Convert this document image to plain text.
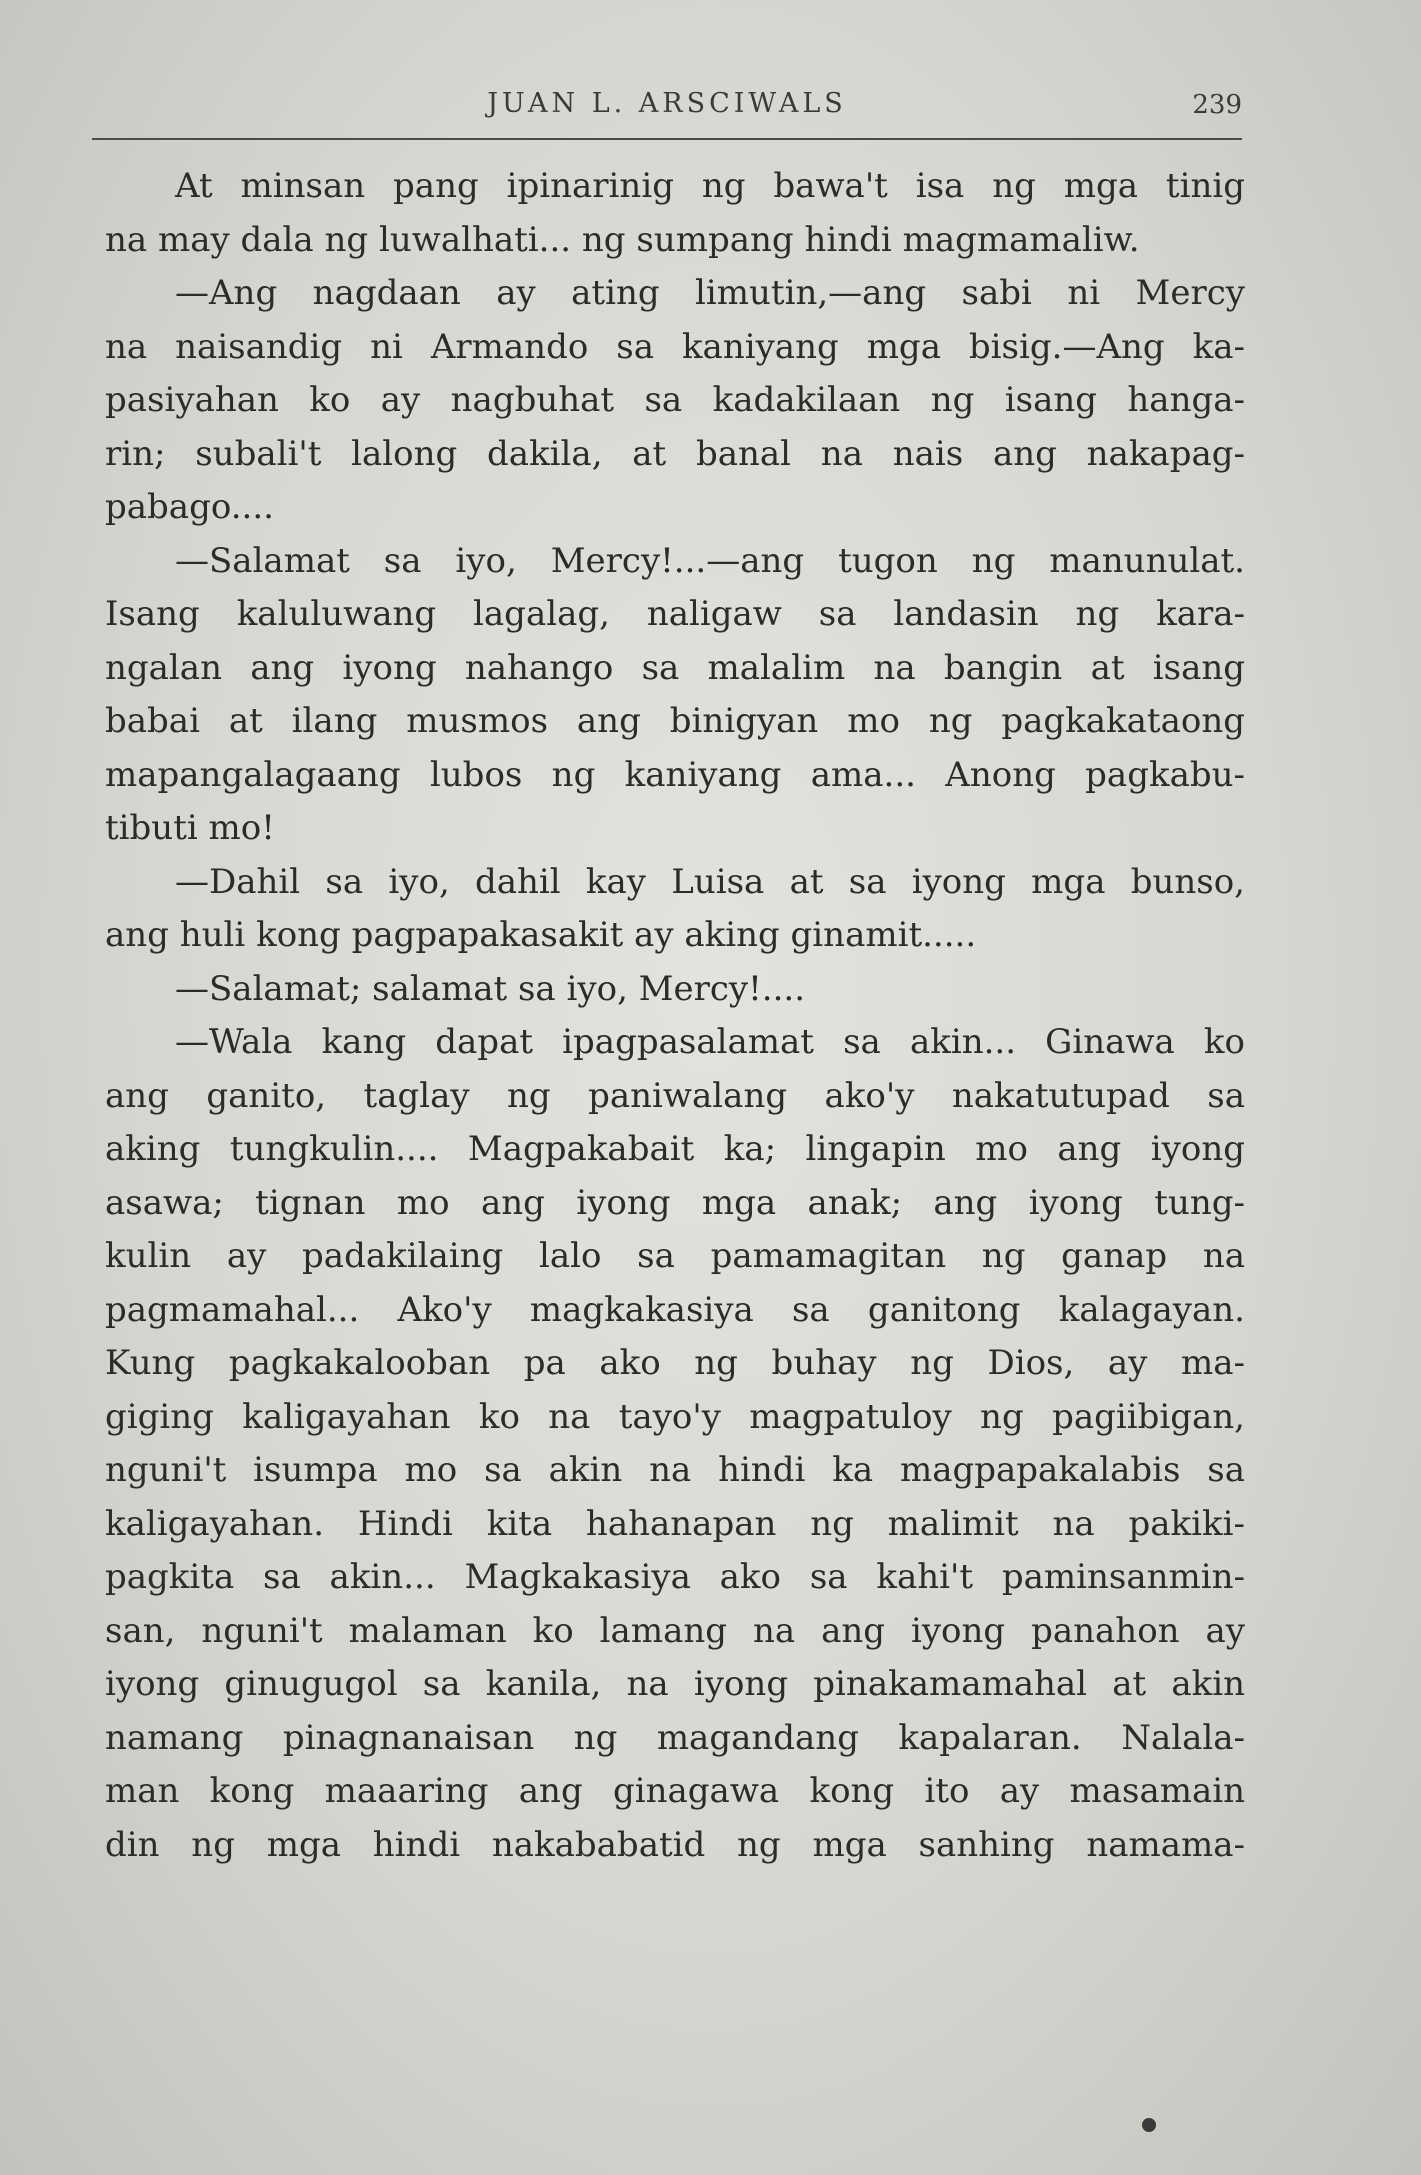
JUAN L. ARSCIWALS	239
At minsan pang ipinarinig ng bawa't isa ng mga tinig
na may dala ng luwalhati... ng sumpang hindi magmamaliw.
—Ang nagdaan ay ating limutin,—ang sabi ni Mercy
na naisandig ni Armando sa kaniyang mga bisig.—Ang ka-
pasiyahan ko ay nagbuhat sa kadakilaan ng isang hanga-
rin; subali't lalong dakila, at banal na nais ang nakapag-
pabago....
—Salamat sa iyo, Mercy!...—ang tugon ng manunulat.
Isang kaluluwang lagalag, naligaw sa landasin ng kara-
ngalan ang iyong nahango sa malalim na bangin at isang
babai at ilang musmos ang binigyan mo ng pagkakataong
mapangalagaang lubos ng kaniyang ama... Anong pagkabu-
tibuti mo!
—Dahil sa iyo, dahil kay Luisa at sa iyong mga bunso,
ang huli kong pagpapakasakit ay aking ginamit.....
—Salamat; salamat sa iyo, Mercy!....
—Wala kang dapat ipagpasalamat sa akin... Ginawa ko
ang ganito, taglay ng paniwalang ako'y nakatutupad sa
aking tungkulin.... Magpakabait ka; lingapin mo ang iyong
asawa; tignan mo ang iyong mga anak; ang iyong tung-
kulin ay padakilaing lalo sa pamamagitan ng ganap na
pagmamahal... Ako'y magkakasiya sa ganitong kalagayan.
Kung pagkakalooban pa ako ng buhay ng Dios, ay ma-
giging kaligayahan ko na tayo'y magpatuloy ng pagiibigan,
nguni't isumpa mo sa akin na hindi ka magpapakalabis sa
kaligayahan. Hindi kita hahanapan ng malimit na pakiki-
pagkita sa akin... Magkakasiya ako sa kahi't paminsanmin-
san, nguni't malaman ko lamang na ang iyong panahon ay
iyong ginugugol sa kanila, na iyong pinakamamahal at akin
namang pinagnanaisan ng magandang kapalaran. Nalala-
man kong maaaring ang ginagawa kong ito ay masamain
din ng mga hindi nakababatid ng mga sanhing namama-
